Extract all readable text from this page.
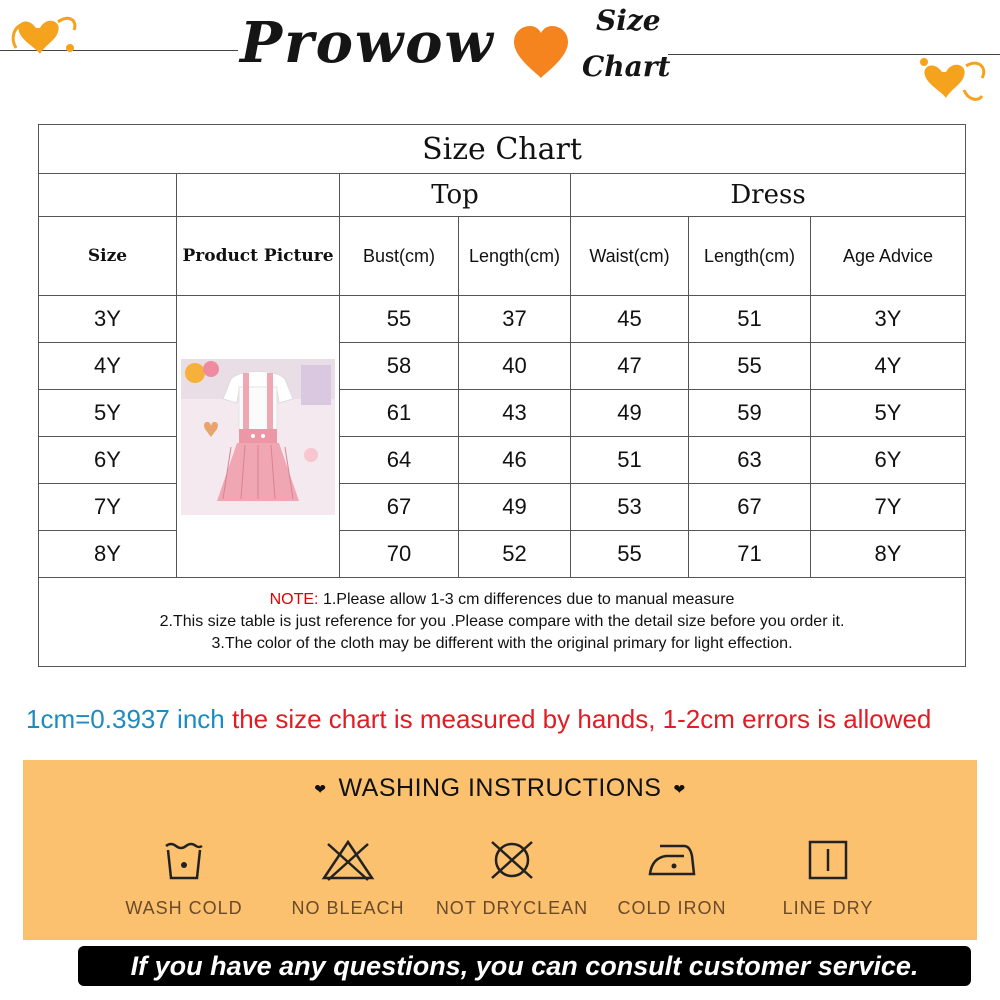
Prowow	Size
Chart
Size Chart						
		Top		Dress		
Size	Product Picture	Bust(cm)	Length(cm)	Waist(cm)	Length(cm)	Age Advice
3Y		55	37	45	51	3Y
4Y		58	40	47	55	4Y
5Y		61	43	49	59	5Y
6Y		64	46	51	63	6Y
7Y		67	49	53	67	7Y
8Y		70	52	55	71	8Y

NOTE: 1.Please allow 1-3 cm differences due to manual measure
2.This size table is just reference for you .Please compare with the detail size before you order it.
3.The color of the cloth may be different with the original primary for light effection.						
1cm=0.3937 inch the size chart is measured by hands, 1-2cm errors is allowed
❤ WASHING INSTRUCTIONS ❤
WASH COLD	NO BLEACH	NOT DRYCLEAN	COLD IRON	LINE DRY
If you have any questions, you can consult customer service.
